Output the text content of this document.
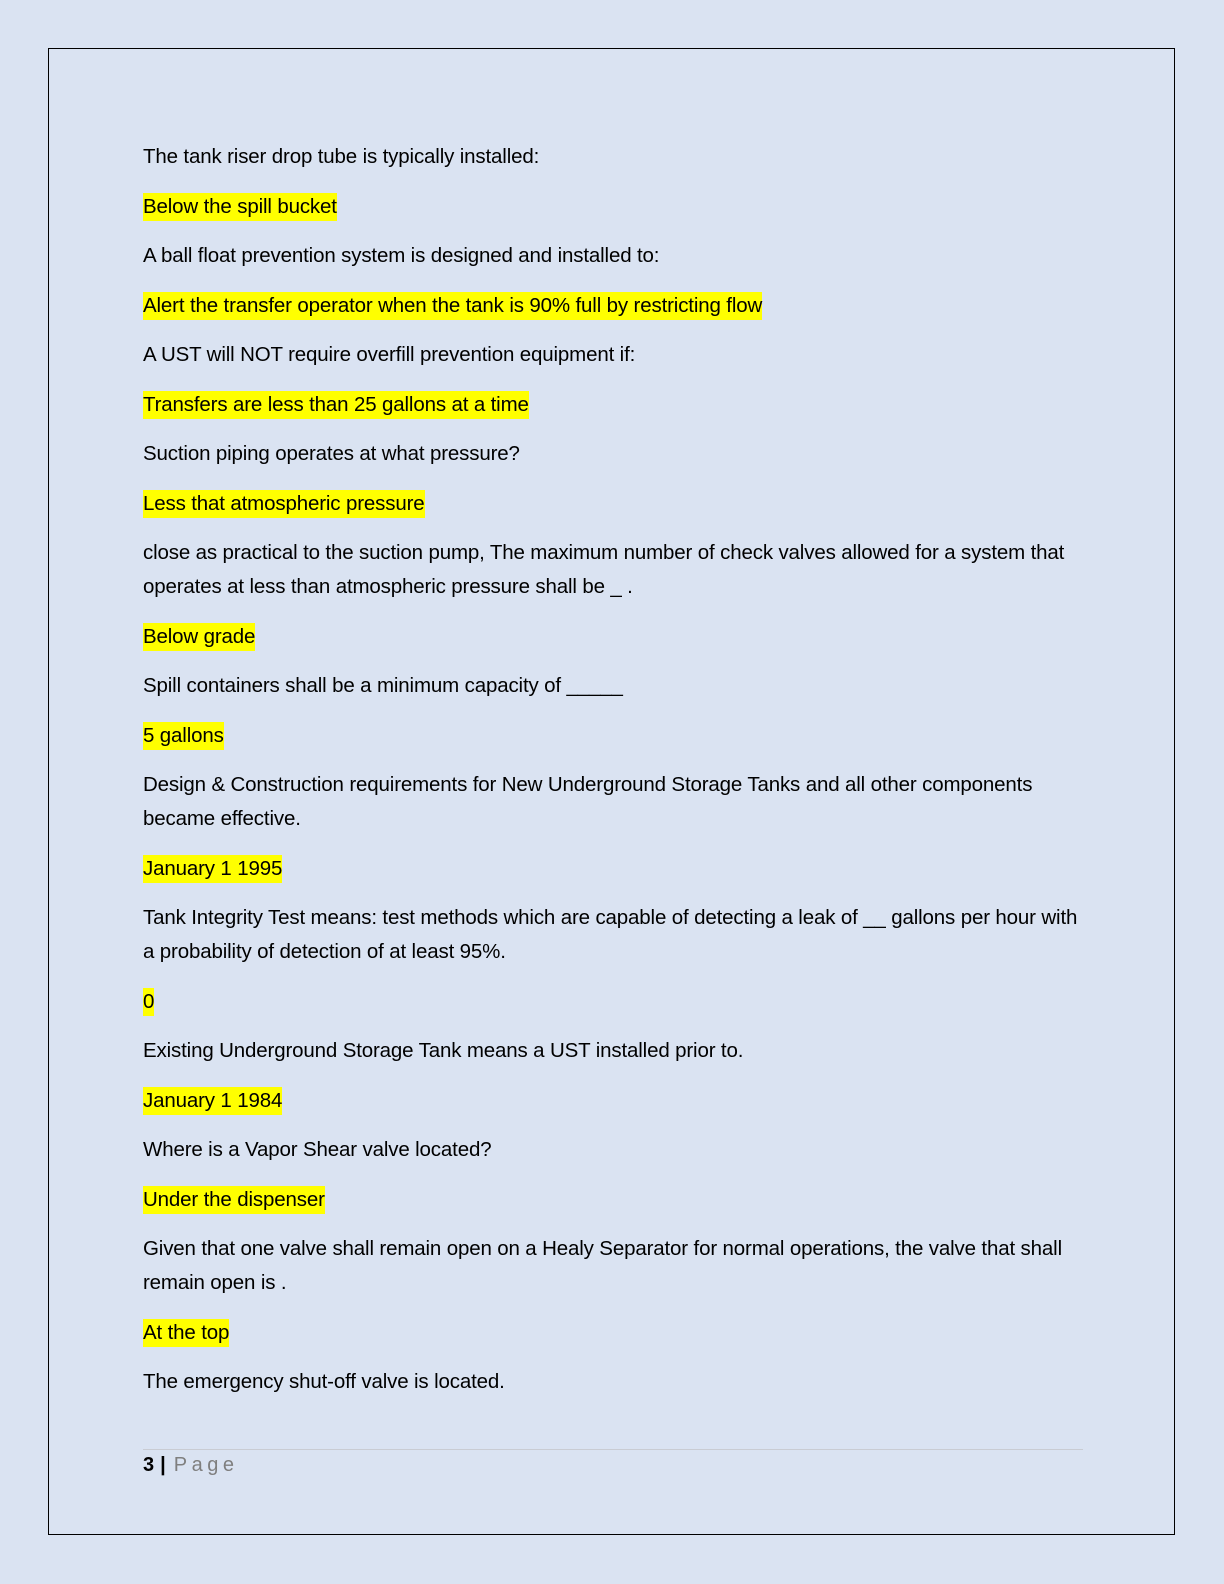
The tank riser drop tube is typically installed:
Below the spill bucket
A ball float prevention system is designed and installed to:
Alert the transfer operator when the tank is 90% full by restricting flow
A UST will NOT require overfill prevention equipment if:
Transfers are less than 25 gallons at a time
Suction piping operates at what pressure?
Less that atmospheric pressure
close as practical to the suction pump, The maximum number of check valves allowed for a system that operates at less than atmospheric pressure shall be _ .
Below grade
Spill containers shall be a minimum capacity of _____
5 gallons
Design & Construction requirements for New Underground Storage Tanks and all other components became effective.
January 1 1995
Tank Integrity Test means: test methods which are capable of detecting a leak of __ gallons per hour with a probability of detection of at least 95%.
0
Existing Underground Storage Tank means a UST installed prior to.
January 1 1984
Where is a Vapor Shear valve located?
Under the dispenser
Given that one valve shall remain open on a Healy Separator for normal operations, the valve that shall remain open is .
At the top
The emergency shut-off valve is located.
3 | Page
